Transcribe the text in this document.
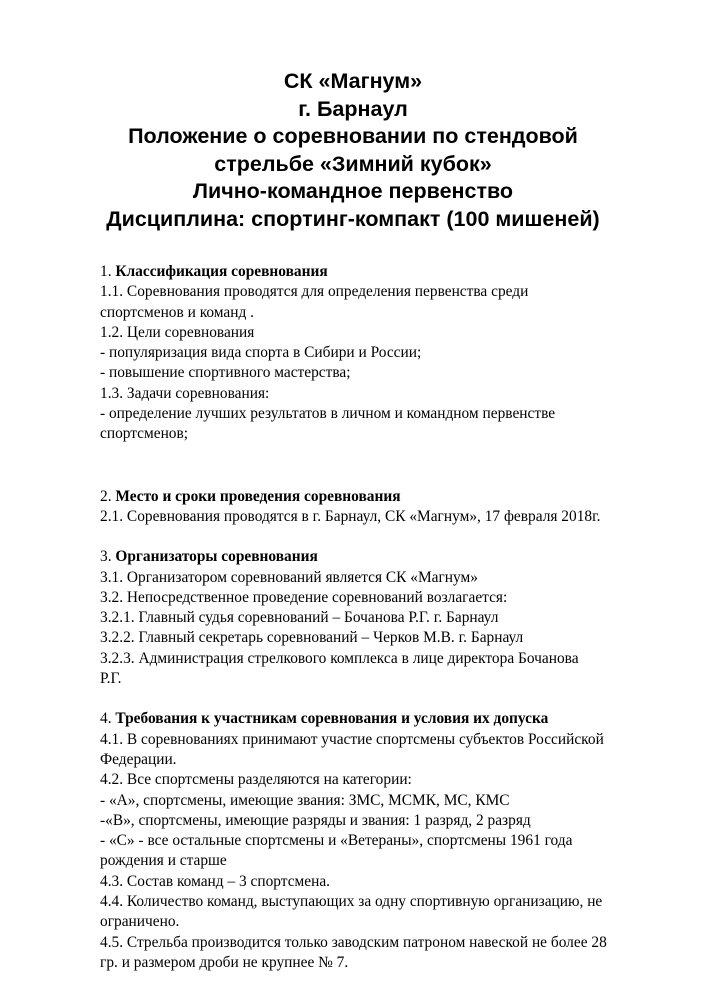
СК «Магнум»
г. Барнаул
Положение о соревновании по стендовой
стрельбе «Зимний кубок»
Лично-командное первенство
Дисциплина: спортинг-компакт (100 мишеней)

1. Классификация соревнования

1.1. Соревнования проводятся для определения первенства среди

спортсменов и команд .

1.2. Цели соревнования

- популяризация вида спорта в Сибири и России;

- повышение спортивного мастерства;

1.3. Задачи соревнования:

- определение лучших результатов в личном и командном первенстве

спортсменов;

2. Место и сроки проведения соревнования

2.1. Соревнования проводятся в г. Барнаул, СК «Магнум», 17 февраля 2018г.

3. Организаторы соревнования

3.1. Организатором соревнований является СК «Магнум»

3.2. Непосредственное проведение соревнований возлагается:

3.2.1. Главный судья соревнований – Бочанова Р.Г. г. Барнаул

3.2.2. Главный секретарь соревнований – Черков М.В. г. Барнаул

3.2.3. Администрация стрелкового комплекса в лице директора Бочанова

Р.Г.

4. Требования к участникам соревнования и условия их допуска

4.1. В соревнованиях принимают участие спортсмены субъектов Российской

Федерации.

4.2. Все спортсмены разделяются на категории:

- «А», спортсмены, имеющие звания: ЗМС, МСМК, МС, КМС

-«В», спортсмены, имеющие разряды и звания: 1 разряд, 2 разряд

- «С» - все остальные спортсмены и «Ветераны», спортсмены 1961 года

рождения и старше

4.3. Состав команд – 3 спортсмена.

4.4. Количество команд, выступающих за одну спортивную организацию, не

ограничено.

4.5. Стрельба производится только заводским патроном навеской не более 28

гр. и размером дроби не крупнее № 7.
